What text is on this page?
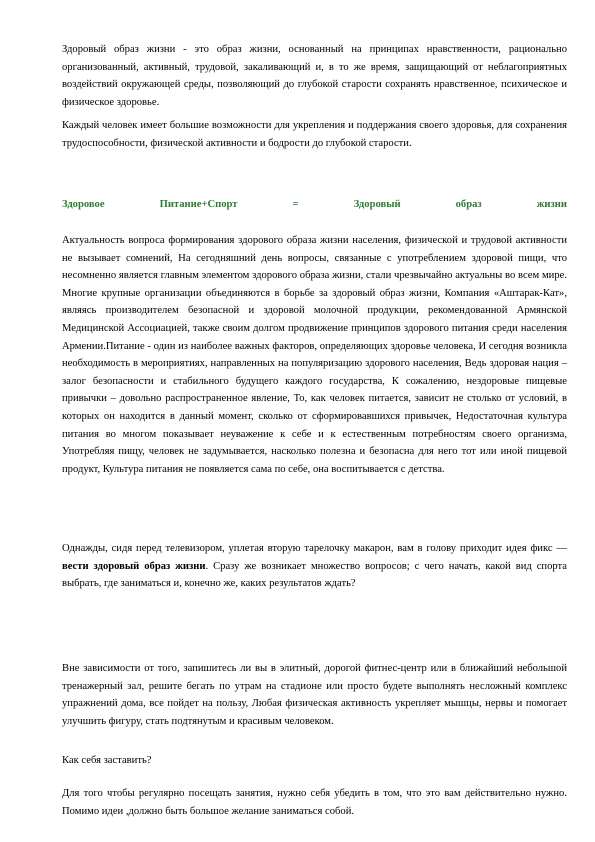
Здоровый образ жизни - это образ жизни, основанный на принципах нравственности, рационально организованный, активный, трудовой, закаливающий и, в то же время, защищающий от неблагоприятных воздействий окружающей среды, позволяющий до глубокой старости сохранять нравственное, психическое и физическое здоровье.

Каждый человек имеет большие возможности для укрепления и поддержания своего здоровья, для сохранения трудоспособности, физической активности и бодрости до глубокой старости.

Здоровое	Питание+Спорт	=	Здоровый	образ	жизни

Актуальность вопроса формирования здорового образа жизни населения, физической и трудовой активности не вызывает сомнений, На сегодняшний день вопросы, связанные с употреблением здоровой пищи, что несомненно является главным элементом здорового образа жизни, стали чрезвычайно актуальны во всем мире. Многие крупные организации объединяются в борьбе за здоровый образ жизни, Компания «Аштарак-Кат», являясь производителем безопасной и здоровой молочной продукции, рекомендованной Армянской Медицинской Ассоциацией, также своим долгом продвижение принципов здорового питания среди населения Армении.Питание - один из наиболее важных факторов, определяющих здоровье человека, И сегодня возникла необходимость в мероприятиях, направленных на популяризацию здорового населения, Ведь здоровая нация – залог безопасности и стабильного будущего каждого государства, К сожалению, нездоровые пищевые привычки – довольно распространенное явление, То, как человек питается, зависит не столько от условий, в которых он находится в данный момент, сколько от сформировавшихся привычек, Недостаточная культура питания во многом показывает неуважение к себе и к естественным потребностям своего организма, Употребляя пищу, человек не задумывается, насколько полезна и безопасна для него тот или иной пищевой продукт, Культура питания не появляется сама по себе, она воспитывается с детства.

Однажды, сидя перед телевизором, уплетая вторую тарелочку макарон, вам в голову приходит идея фикс — вести здоровый образ жизни. Сразу же возникает множество вопросов; с чего начать, какой вид спорта выбрать, где заниматься и, конечно же, каких результатов ждать?

Вне зависимости от того, запишитесь ли вы в элитный, дорогой фитнес-центр или в ближайший небольшой тренажерный зал, решите бегать по утрам на стадионе или просто будете выполнять несложный комплекс упражнений дома, все пойдет на пользу, Любая физическая активность укрепляет мышцы, нервы и помогает улучшить фигуру, стать подтянутым и красивым человеком.

Как себя заставить?

Для того чтобы регулярно посещать занятия, нужно себя убедить в том, что это вам действительно нужно. Помимо идеи ,должно быть большое желание заниматься собой.
